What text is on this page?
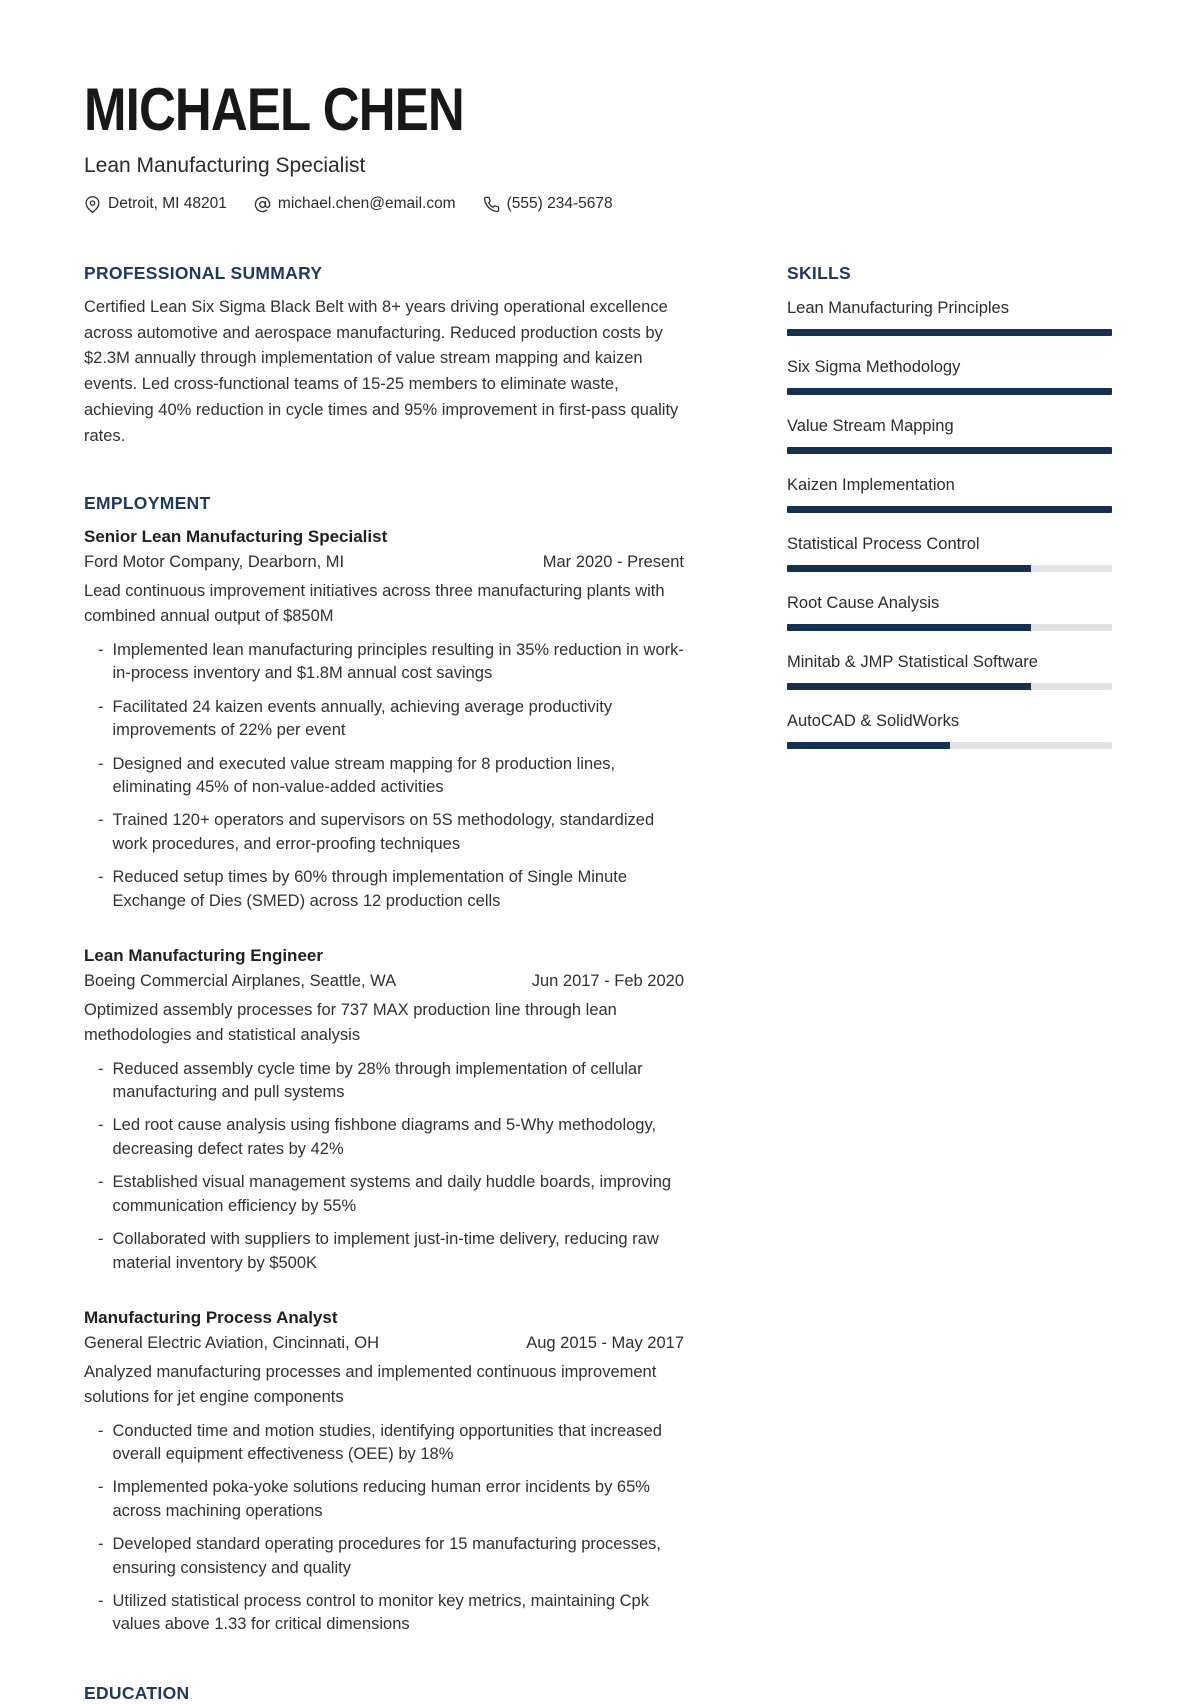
MICHAEL CHEN
Lean Manufacturing Specialist
Detroit, MI 48201	michael.chen@email.com	(555) 234-5678
PROFESSIONAL SUMMARY

Certified Lean Six Sigma Black Belt with 8+ years driving operational excellence across automotive and aerospace manufacturing. Reduced production costs by $2.3M annually through implementation of value stream mapping and kaizen events. Led cross-functional teams of 15-25 members to eliminate waste, achieving 40% reduction in cycle times and 95% improvement in first-pass quality rates.

EMPLOYMENT
Senior Lean Manufacturing Specialist
Ford Motor Company, Dearborn, MI	Mar 2020 - Present

Lead continuous improvement initiatives across three manufacturing plants with combined annual output of $850M

- Implemented lean manufacturing principles resulting in 35% reduction in work-in-process inventory and $1.8M annual cost savings
- Facilitated 24 kaizen events annually, achieving average productivity improvements of 22% per event
- Designed and executed value stream mapping for 8 production lines, eliminating 45% of non-value-added activities
- Trained 120+ operators and supervisors on 5S methodology, standardized work procedures, and error-proofing techniques
- Reduced setup times by 60% through implementation of Single Minute Exchange of Dies (SMED) across 12 production cells
Lean Manufacturing Engineer
Boeing Commercial Airplanes, Seattle, WA	Jun 2017 - Feb 2020

Optimized assembly processes for 737 MAX production line through lean methodologies and statistical analysis

- Reduced assembly cycle time by 28% through implementation of cellular manufacturing and pull systems
- Led root cause analysis using fishbone diagrams and 5-Why methodology, decreasing defect rates by 42%
- Established visual management systems and daily huddle boards, improving communication efficiency by 55%
- Collaborated with suppliers to implement just-in-time delivery, reducing raw material inventory by $500K
Manufacturing Process Analyst
General Electric Aviation, Cincinnati, OH	Aug 2015 - May 2017

Analyzed manufacturing processes and implemented continuous improvement solutions for jet engine components

- Conducted time and motion studies, identifying opportunities that increased overall equipment effectiveness (OEE) by 18%
- Implemented poka-yoke solutions reducing human error incidents by 65% across machining operations
- Developed standard operating procedures for 15 manufacturing processes, ensuring consistency and quality
- Utilized statistical process control to monitor key metrics, maintaining Cpk values above 1.33 for critical dimensions
EDUCATION
SKILLS
Lean Manufacturing Principles
Six Sigma Methodology
Value Stream Mapping
Kaizen Implementation
Statistical Process Control
Root Cause Analysis
Minitab & JMP Statistical Software
AutoCAD & SolidWorks
